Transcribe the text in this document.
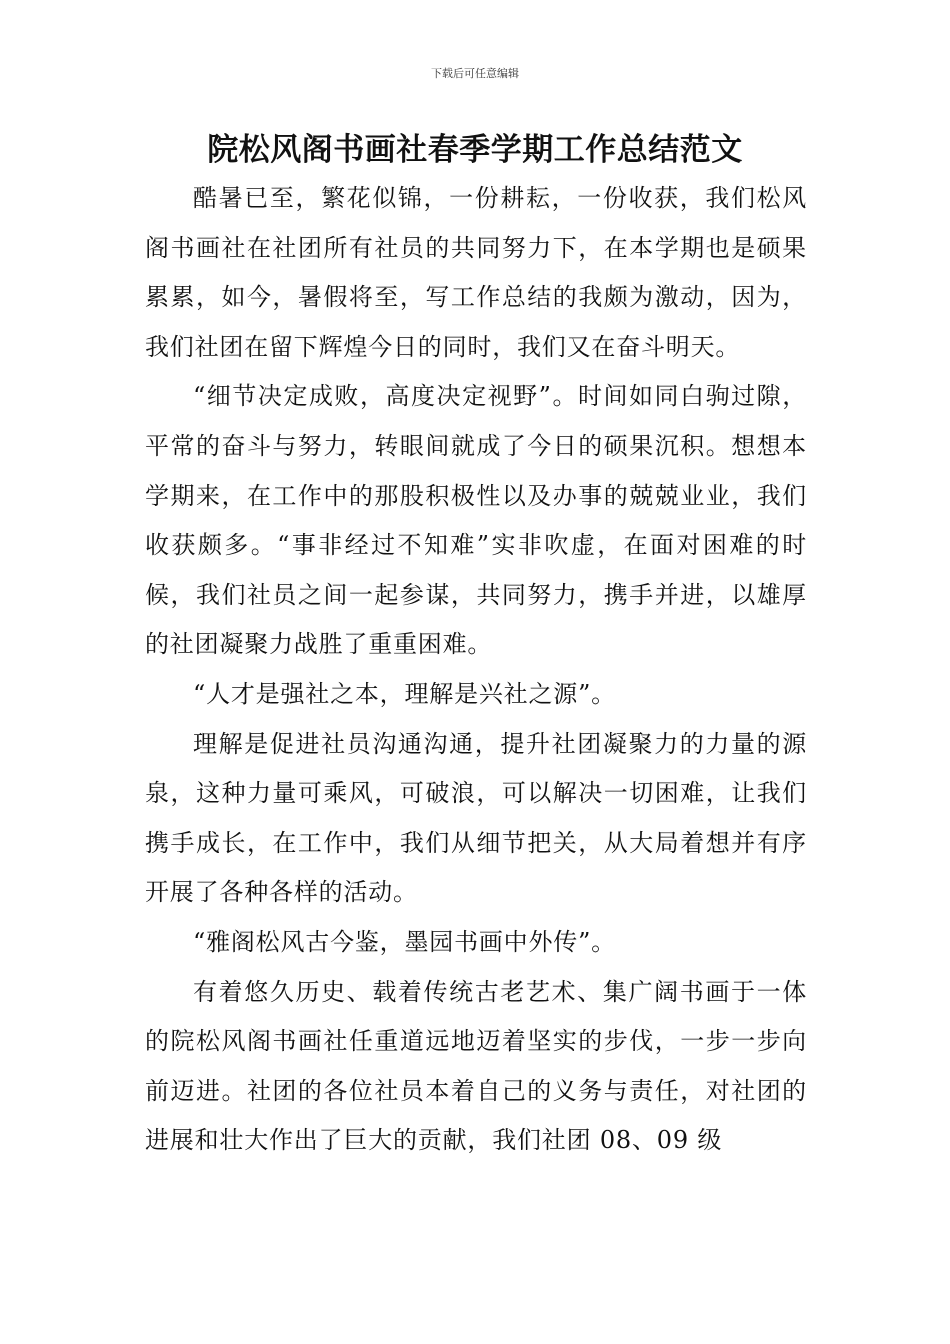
下载后可任意编辑
院松风阁书画社春季学期工作总结范文

酷暑已至，繁花似锦，一份耕耘，一份收获，我们松风阁书画社在社团所有社员的共同努力下，在本学期也是硕果累累，如今，暑假将至，写工作总结的我颇为激动，因为，我们社团在留下辉煌今日的同时，我们又在奋斗明天。

“细节决定成败，高度决定视野”。时间如同白驹过隙，平常的奋斗与努力，转眼间就成了今日的硕果沉积。想想本学期来，在工作中的那股积极性以及办事的兢兢业业，我们收获颇多。“事非经过不知难”实非吹虚，在面对困难的时候，我们社员之间一起参谋，共同努力，携手并进，以雄厚的社团凝聚力战胜了重重困难。

“人才是强社之本，理解是兴社之源”。

理解是促进社员沟通沟通，提升社团凝聚力的力量的源泉，这种力量可乘风，可破浪，可以解决一切困难，让我们携手成长，在工作中，我们从细节把关，从大局着想并有序开展了各种各样的活动。

“雅阁松风古今鉴，墨园书画中外传”。

有着悠久历史、载着传统古老艺术、集广阔书画于一体的院松风阁书画社任重道远地迈着坚实的步伐，一步一步向前迈进。社团的各位社员本着自己的义务与责任，对社团的进展和壮大作出了巨大的贡献，我们社团 08、09 级
